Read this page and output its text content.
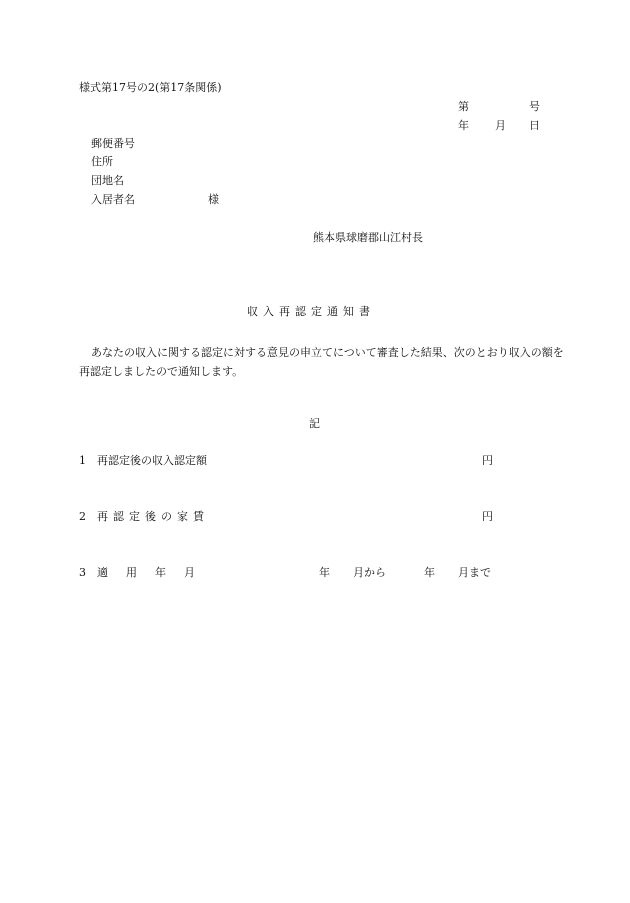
様式第17号の2(第17条関係)
第	号
年 月 日
郵便番号
住所
団地名
入居者名	様
熊本県球磨郡山江村長
収入再認定通知書
あなたの収入に関する認定に対する意見の申立てについて審査した結果、次のとおり収入の額を再認定しましたので通知します。
記
1 再認定後の収入認定額	円
2 再認定後の家賃	円
3 適用年月	年 月から	年 月まで
